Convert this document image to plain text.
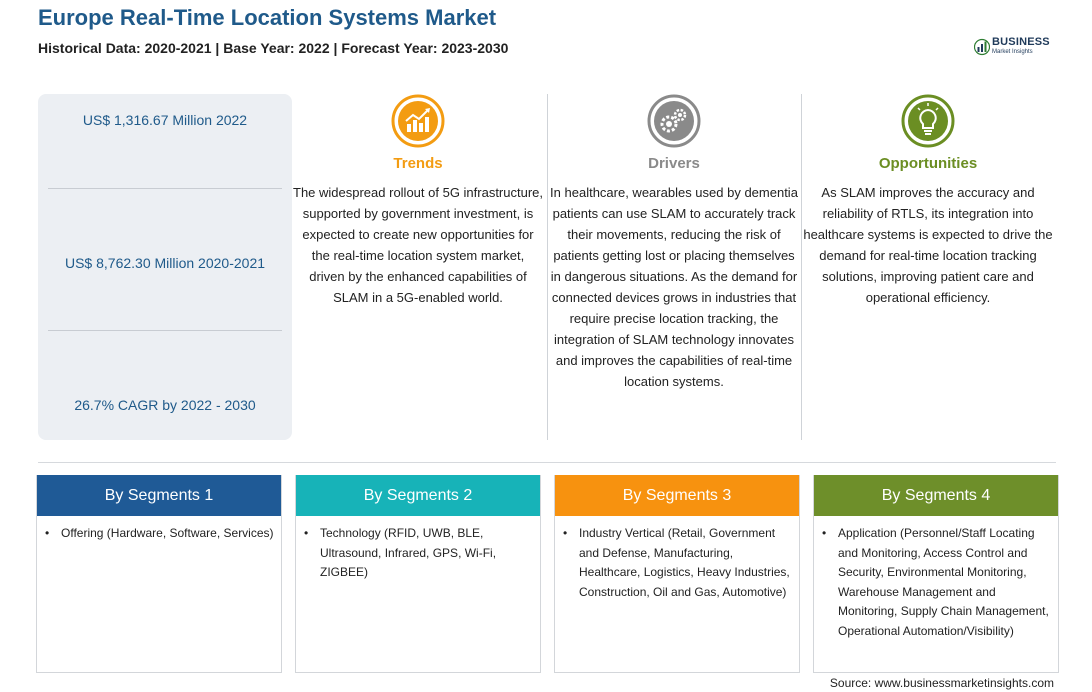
Europe Real-Time Location Systems Market
Historical Data: 2020-2021 | Base Year: 2022 | Forecast Year: 2023-2030	BUSINESS
Market Insights
US$ 1,316.67 Million 2022
US$ 8,762.30 Million 2020-2021
26.7% CAGR by 2022 - 2030
Trends
The widespread rollout of 5G infrastructure, supported by government investment, is expected to create new opportunities for the real-time location system market, driven by the enhanced capabilities of SLAM in a 5G-enabled world.
Drivers
In healthcare, wearables used by dementia patients can use SLAM to accurately track their movements, reducing the risk of patients getting lost or placing themselves in dangerous situations. As the demand for connected devices grows in industries that require precise location tracking, the integration of SLAM technology innovates and improves the capabilities of real-time location systems.
Opportunities
As SLAM improves the accuracy and reliability of RTLS, its integration into healthcare systems is expected to drive the demand for real-time location tracking solutions, improving patient care and operational efficiency.
By Segments 1
• Offering (Hardware, Software, Services)
By Segments 2
• Technology (RFID, UWB, BLE, Ultrasound, Infrared, GPS, Wi-Fi, ZIGBEE)
By Segments 3
• Industry Vertical (Retail, Government and Defense, Manufacturing, Healthcare, Logistics, Heavy Industries, Construction, Oil and Gas, Automotive)
By Segments 4
• Application (Personnel/Staff Locating and Monitoring, Access Control and Security, Environmental Monitoring, Warehouse Management and Monitoring, Supply Chain Management, Operational Automation/Visibility)
Source: www.businessmarketinsights.com
